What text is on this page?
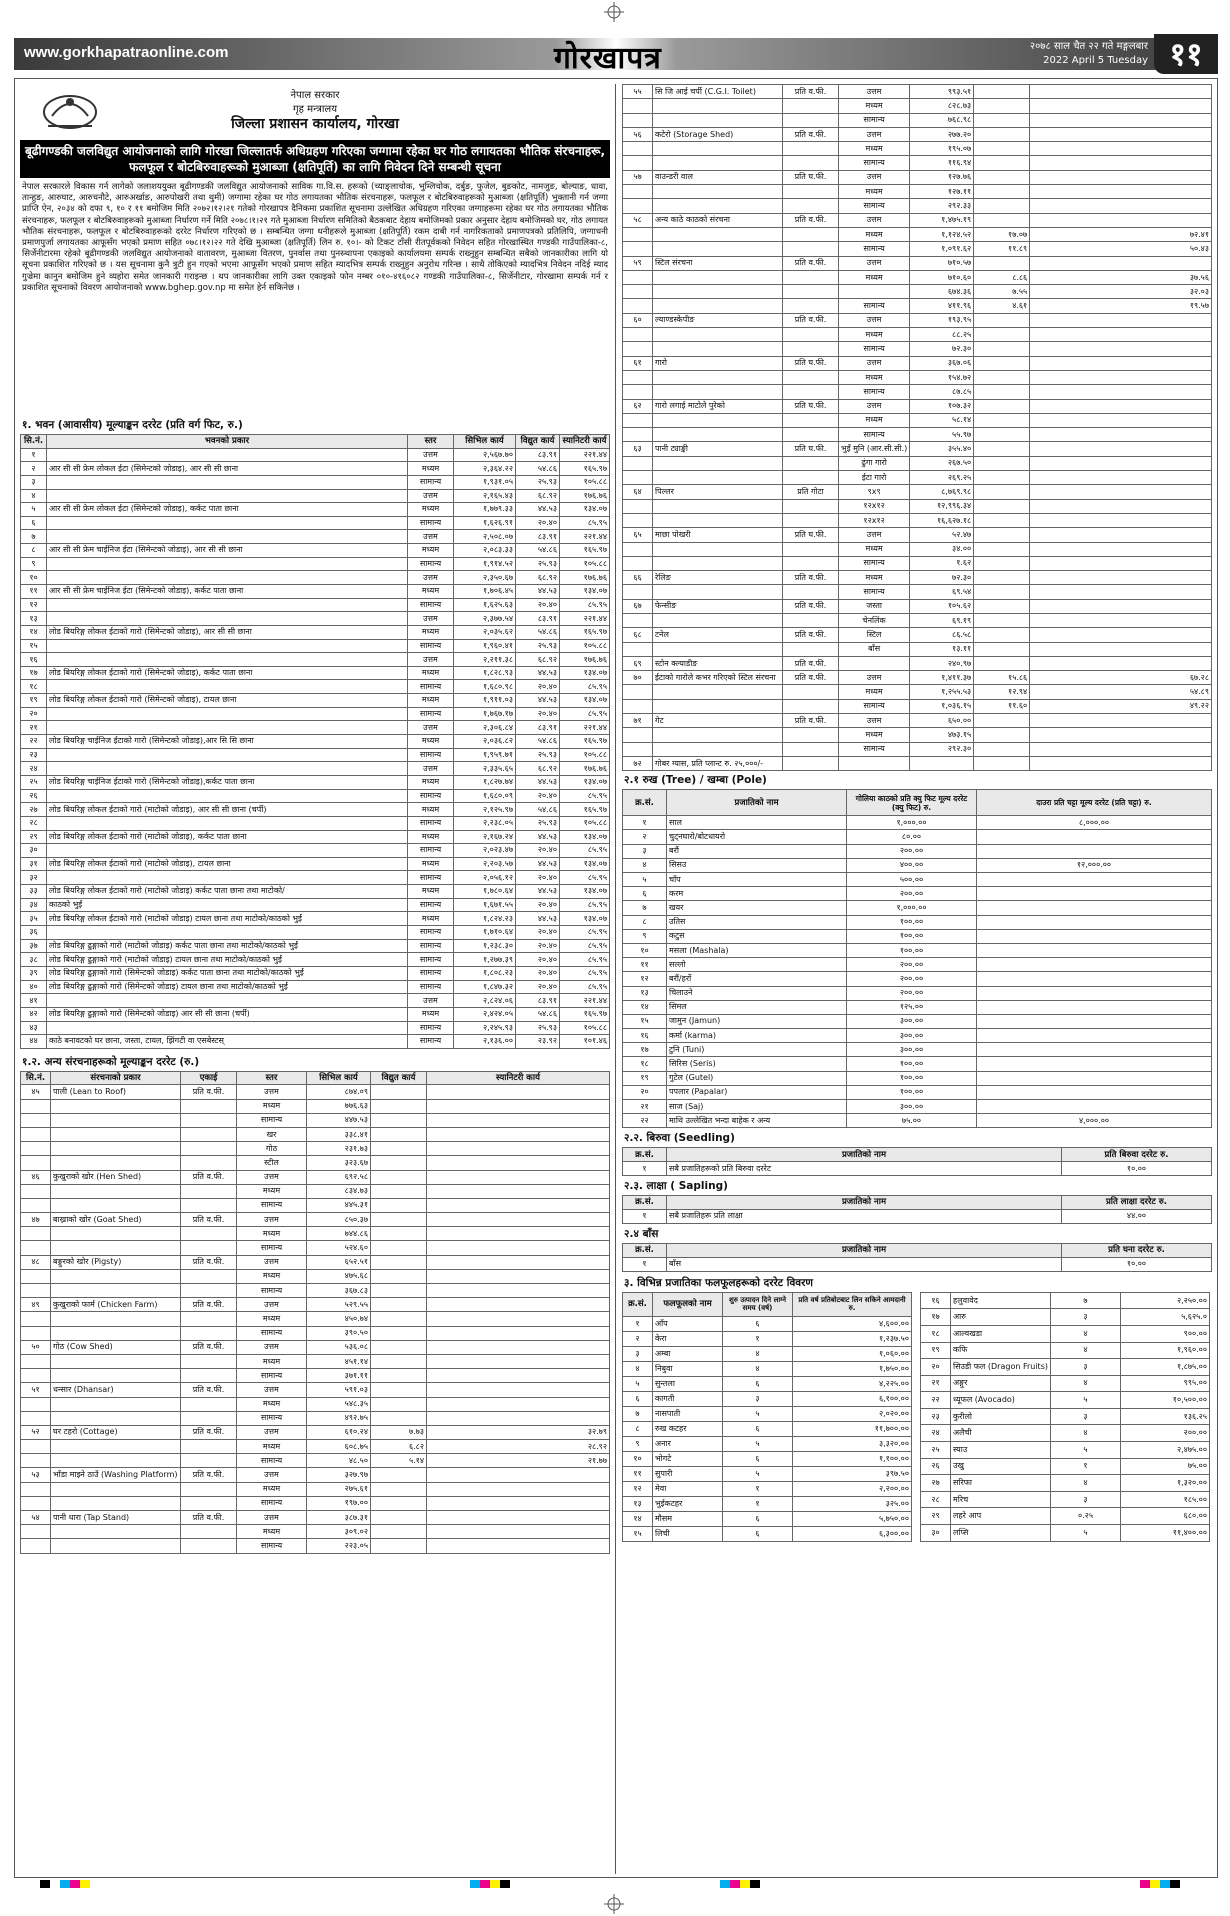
www.gorkhapatraonline.com	गोरखापत्र	२०७८ साल चैत २२ गते मङ्गलबार
2022 April 5 Tuesday ११
नेपाल सरकार
गृह मन्त्रालय
जिल्ला प्रशासन कार्यालय, गोरखा
बूढीगण्डकी जलविद्युत आयोजनाको लागि गोरखा जिल्लातर्फ अधिग्रहण गरिएका जग्गामा रहेका घर गोठ लगायतका भौतिक संरचनाहरू, फलफूल र बोटबिरुवाहरूको मुआब्जा (क्षतिपूर्ति) का लागि निवेदन दिने सम्बन्धी सूचना
नेपाल सरकारले विकास गर्न लागेको जलाशययुक्त बूढीगण्डकी जलविद्युत आयोजनाको साविक गा.वि.स. हरूको (च्याङ्लाचोक, भुम्लिचोक, दर्बुङ, फुजेल, बुङकोट, नामजुङ, बोल्याङ, धावा, तान्हुङ, आरुघाट, आरुचनौटे, आरुअर्खाङ, आरुपोखरी तथा थुमी) जग्गामा रहेका घर गोठ लगायतका भौतिक संरचनाहरू, फलफूल र बोटबिरुवाहरूको मुआब्जा (क्षतिपूर्ति) भुक्तानी गर्न जग्गा प्राप्ति ऐन, २०३४ को दफा ९, १० र ११ बमोजिम मिति २०७२।१२।२१ गतेको गोरखापत्र दैनिकमा प्रकाशित सूचनामा उल्लेखित अधिग्रहण गरिएका जग्गाहरूमा रहेका घर गोठ लगायतका भौतिक संरचनाहरू, फलफूल र बोटबिरुवाहरूको मुआब्जा निर्धारण गर्ने मिति २०७८।१।२१ गते मुआब्जा निर्धारण समितिको बैठकबाट देहाय बमोजिमको प्रकार अनुसार देहाय बमोजिमको घर, गोठ लगायत भौतिक संरचनाहरू, फलफूल र बोटबिरुवाहरूको दररेट निर्धारण गरिएको छ । सम्बन्धित जग्गा धनीहरूले मुआब्जा (क्षतिपूर्ति) रकम दाबी गर्न नागरिकताको प्रमाणपत्रको प्रतिलिपि, जग्गाधनी प्रमाणपुर्जा लगायतका आफूसँग भएको प्रमाण सहित ०७८।१२।२२ गते देखि मुआब्जा (क्षतिपूर्ति) लिन रु. १०।- को टिकट टाँसी रीतपूर्वकको निवेदन सहित गोरखास्थित गण्डकी गाउँपालिका-८, सिर्जेनीटारमा रहेको बूढीगण्डकी जलविद्युत आयोजनाको वातावरण, मुआब्जा वितरण, पुनर्वास तथा पुनस्र्थापना एकाइको कार्यालयमा सम्पर्क राख्नुहुन सम्बन्धित सबैको जानकारीका लागि यो सूचना प्रकाशित गरिएको छ । यस सूचनामा कुनै त्रुटी हुन गएको भएमा आफूसँग भएको प्रमाण सहित म्यादभित्र सम्पर्क राख्नुहुन अनुरोध गरिन्छ । साथै तोकिएको म्यादभित्र निवेदन नदिई म्याद गुज्रेमा कानुन बमोजिम हुने व्यहोरा समेत जानकारी गराइन्छ । थप जानकारीका लागि उक्त एकाइको फोन नम्बर ०१०-४१६०८२ गण्डकी गाउँपालिका-८, सिर्जेनीटार, गोरखामा सम्पर्क गर्न र प्रकाशित सूचनाको विवरण आयोजनाको www.bghep.gov.np मा समेत हेर्न सकिनेछ ।
१. भवन (आवासीय) मूल्याङ्कन दररेट (प्रति वर्ग फिट, रु.)
सि.नं.	भवनको प्रकार	स्तर	सिभिल कार्य	विद्युत कार्य	स्यानिटरी कार्य
१		उत्तम	२,५६७.७०	८३.९१	२२१.४४
२	आर सी सी फ्रेम लोकल ईटा (सिमेन्टको जोडाइ), आर सी सी छाना	मध्यम	२,३६४.२२	५४.८६	१६५.९७
३		सामान्य	१,९३१.०५	२५.९३	१०५.८८
४		उत्तम	२,१६५.४३	६८.९२	१७६.७६
५	आर सी सी फ्रेम लोकल ईटा (सिमेन्टको जोडाइ), कर्कट पाता छाना	मध्यम	१,७७९.३३	४४.५३	१३४.०७
६		सामान्य	१,६२६.९१	२०.४०	८५.९५
७		उत्तम	२,५०८.०७	८३.९१	२२१.४४
८	आर सी सी फ्रेम चाईनिज ईटा (सिमेन्टको जोडाइ), आर सी सी छाना	मध्यम	२,०८३.३३	५४.८६	१६५.९७
९		सामान्य	१,९१४.५२	२५.९३	१०५.८८
१०		उत्तम	२,३५०.६७	६८.९२	१७६.७६
११	आर सी सी फ्रेम चाईनिज ईटा (सिमेन्टको जोडाइ), कर्कट पाता छाना	मध्यम	१,७०६.४५	४४.५३	१३४.०७
१२		सामान्य	१,६२५.६३	२०.४०	८५.९५
१३		उत्तम	२,३७७.५४	८३.९१	२२१.४४
१४	लोड बियरिङ्ग लोकल ईटाको गारो (सिमेन्टको जोडाइ), आर सी सी छाना	मध्यम	२,०३५.६२	५४.८६	१६५.९७
१५		सामान्य	१,९६०.४१	२५.९३	१०५.८८
१६		उत्तम	२,२११.३८	६८.९२	१७६.७६
१७	लोड बियरिङ्ग लोकल ईटाको गारो (सिमेन्टको जोडाइ), कर्कट पाता छाना	मध्यम	१,८२८.९३	४४.५३	१३४.०७
१८		सामान्य	१,६८०.९८	२०.४०	८५.९५
१९	लोड बियरिङ्ग लोकल ईटाको गारो (सिमेन्टको जोडाइ), टायल छाना	मध्यम	१,९११.०३	४४.५३	१३४.०७
२०		सामान्य	१,७६७.१७	२०.४०	८५.९५
२१		उत्तम	२,३०६.८४	८३.९१	२२१.४४
२२	लोड बियरिङ्ग चाईनिज ईटाको गारो (सिमेन्टको जोडाइ),आर सि सि छाना	मध्यम	२,०३६.८२	५४.८६	१६५.९७
२३		सामान्य	१,९५९.७१	२५.९३	१०५.८८
२४		उत्तम	२,३३५.६५	६८.९२	१७६.७६
२५	लोड बियरिङ्ग चाईनिज ईटाको गारो (सिमेन्टको जोडाइ),कर्कट पाता छाना	मध्यम	१,८२७.७४	४४.५३	१३४.०७
२६		सामान्य	१,६८०.०९	२०.४०	८५.९५
२७	लोड बियरिङ्ग लोकल ईटाको गारो (माटोको जोडाइ), आर सी सी छाना (चर्पी)	मध्यम	२,१२५.९७	५४.८६	१६५.९७
२८		सामान्य	२,२३८.०५	२५.९३	१०५.८८
२९	लोड बियरिङ्ग लोकल ईटाको गारो (माटोको जोडाइ), कर्कट पाता छाना	मध्यम	२,१६७.२४	४४.५३	१३४.०७
३०		सामान्य	२,०२३.४७	२०.४०	८५.९५
३१	लोड बियरिङ्ग लोकल ईटाको गारो (माटोको जोडाइ), टायल छाना	मध्यम	२,२०३.५७	४४.५३	१३४.०७
३२		सामान्य	२,०५६.१२	२०.४०	८५.९५
३३	लोड बियरिङ्ग लोकल ईटाको गारो (माटोको जोडाइ) कर्कट पाता छाना तथा माटोको/	मध्यम	१,७८०.६४	४४.५३	१३४.०७
३४	काठको भुईं	सामान्य	१,६७१.५५	२०.४०	८५.९५
३५	लोड बियरिङ्ग लोकल ईटाको गारो (माटोको जोडाइ) टायल छाना तथा माटोको/काठको भुईं	मध्यम	१,८२४.२३	४४.५३	१३४.०७
३६		सामान्य	१,७१०.६४	२०.४०	८५.९५
३७	लोड बियरिङ्ग ढुङ्गाको गारो (माटोको जोडाइ) कर्कट पाता छाना तथा माटोको/काठको भुईं	सामान्य	१,२३८.३०	२०.४०	८५.९५
३८	लोड बियरिङ्ग ढुङ्गाको गारो (माटोको जोडाइ) टायल छाना तथा माटोको/काठको भुईं	सामान्य	१,२७७.३९	२०.४०	८५.९५
३९	लोड बियरिङ्ग ढुङ्गाको गारो (सिमेन्टको जोडाइ) कर्कट पाता छाना तथा माटोको/काठको भुईं	सामान्य	१,८०८.२३	२०.४०	८५.९५
४०	लोड बियरिङ्ग ढुङ्गाको गारो (सिमेन्टको जोडाइ) टायल छाना तथा माटोको/काठको भुईं	सामान्य	१,८४७.३२	२०.४०	८५.९५
४१		उत्तम	२,८२४.०६	८३.९१	२२१.४४
४२	लोड बियरिङ्ग ढुङ्गाको गारो (सिमेन्टको जोडाइ) आर सी सी छाना (चर्पी)	मध्यम	२,४२४.०५	५४.८६	१६५.९७
४३		सामान्य	२,२४५.९३	२५.९३	१०५.८८
४४	काठे बनावटको घर छाना, जस्ता, टायल, झिंगटी वा एसबेस्टस्	सामान्य	२,१३६.००	२३.९२	१०१.४६
१.२. अन्य संरचनाहरूको मूल्याङ्कन दररेट (रु.)
सि.नं.	संरचनाको प्रकार	एकाई	स्तर	सिभिल कार्य	विद्युत कार्य	स्यानिटरी कार्य
४५	पाली (Lean to Roof)	प्रति व.फी.	उत्तम	८७४.०९		
			मध्यम	७७६.६३		
			सामान्य	४४७.५३		
			खर	३३८.४१		
			गोठ	२३१.७३		
			स्टील	३२३.६७		
४६	कुखुराको खोर (Hen Shed)	प्रति व.फी.	उत्तम	६९२.५८		
			मध्यम	८३४.७३		
			सामान्य	४४५.३१		
४७	बाख्राको खोर (Goat Shed)	प्रति व.फी.	उत्तम	८५०.३७		
			मध्यम	७४४.८६		
			सामान्य	५२४.६०		
४८	बङ्गुरको खोर (Pigsty)	प्रति व.फी.	उत्तम	६५२.५१		
			मध्यम	४७५.६८		
			सामान्य	३६७.८३		
४९	कुखुराको फार्म (Chicken Farm)	प्रति व.फी.	उत्तम	५२९.५५		
			मध्यम	४५०.७४		
			सामान्य	३९०.५०		
५०	गोठ (Cow Shed)	प्रति व.फी.	उत्तम	५३६.०८		
			मध्यम	४५१.१४		
			सामान्य	३७१.११		
५१	धन्सार (Dhansar)	प्रति व.फी.	उत्तम	५९१.०३		
			मध्यम	५४८.३५		
			सामान्य	४९२.७५		
५२	घर टहरो (Cottage)	प्रति व.फी.	उत्तम	६१०.२४	७.७३	३२.७९
			मध्यम	६०८.७५	६.८२	२८.९२
			सामान्य	४८.५०	५.१४	२१.७७
५३	भाँडा माझ्ने ठाउँ (Washing Platform)	प्रति व.फी.	उत्तम	३२७.९७		
			मध्यम	२७५.६१		
			सामान्य	१९७.००		
५४	पानी धारा (Tap Stand)	प्रति व.फी.	उत्तम	३८७.३१		
			मध्यम	३०९.०२		
			सामान्य	२२३.०५		
५५	सि जि आई चर्पी (C.G.I. Toilet)	प्रति व.फी.	उत्तम	९९३.५१		
			मध्यम	८२८.७३		
			सामान्य	७६८.९८		
५६	कटेरो (Storage Shed)	प्रति व.फी.	उत्तम	२७७.२०		
			मध्यम	१९५.०७		
			सामान्य	११६.९४		
५७	वाउन्डरी वाल	प्रति घ.फी.	उत्तम	१२७.७६		
			मध्यम	१२७.११		
			सामान्य	२९२.३३		
५८	अन्य काठे काठको संरचना	प्रति व.फी.	उत्तम	१,४७५.१९		
			मध्यम	१,१२४.५२	१७.०७	७२.४१
			सामान्य	१,०९१.६२	११.८९	५०.४३
५९	स्टिल संरचना	प्रति व.फी.	उत्तम	७१०.५७		
			मध्यम	७१०.६०	८.८६	३७.५६
				६७४.३६	७.५५	३२.०३
			सामान्य	४११.९६	४.६१	१९.५७
६०	ल्याण्डस्केपीङ	प्रति व.फी.	उत्तम	१९३.९५		
			मध्यम	८८.२५		
			सामान्य	७२.३०		
६१	गारो	प्रति घ.फी.	उत्तम	३६७.०६		
			मध्यम	१५४.७२		
			सामान्य	८७.८५		
६२	गारो लगाई माटोले पुरेको	प्रति घ.फी.	उत्तम	१०७.३२		
			मध्यम	५८.१४		
			सामान्य	५५.९७		
६३	पानी ट्याङ्की	प्रति घ.फी.	भुइँ मुनि (आर.सी.सी.)	३५५.४०		
			ढुंगा गारो	२६७.५०		
			ईटा गारो	२६९.२५		
६४	पिल्लर	प्रति गोटा	९x९	८,७६९.९८		
			१२x१२	१२,९९६.३४		
			१२x१२	१६,६२७.१८		
६५	माछा पोखरी	प्रति घ.फी.	उत्तम	५२.४७		
			मध्यम	३४.००		
			सामान्य	१.६२		
६६	रेलिङ	प्रति व.फी.	मध्यम	७२.३०		
			सामान्य	६९.५४		
६७	फेन्सीङ	प्रति व.फी.	जस्ता	१०५.६२		
			चेनलिंक	६९.१९		
६८	टनेल	प्रति व.फी.	स्टिल	८६.५८		
			बाँस	१३.११		
६९	स्टोन क्ल्याडीङ	प्रति व.फी.		२४०.९७		
७०	ईटाको गारोले कभर गरिएको स्टिल संरचना	प्रति व.फी.	उत्तम	१,४११.३७	१५.८६	६७.२८
			मध्यम	१,२५५.५३	१२.९४	५४.८९
			सामान्य	१,०३६.१५	११.६०	४९.२२
७१	गेट	प्रति व.फी.	उत्तम	६५०.००		
			मध्यम	४७३.१५		
			सामान्य	२९२.३०		
७२	गोबर ग्यास, प्रति प्लान्ट रु. २५,०००/-					
२.१ रुख (Tree) / खम्बा (Pole)
क्र.सं.	प्रजातिको नाम	गोलिया काठको प्रति क्यु फिट मूल्य दररेट (क्यु फिट) रु.	दाउरा प्रति चट्टा मूल्य दररेट (प्रति चट्टा) रु.
१	साल	१,०००.००	८,०००.००
२	चुट्नघारो/बोटधायरो	८०.००	
३	बरौं	२००.००	
४	सिसउ	४००.००	१२,०००.००
५	चाँप	५००.००	
६	करम	२००.००	
७	खयर	१,०००.००	
८	उतिस	१००.००	
९	कटुस	१००.००	
१०	मसला (Mashala)	१००.००	
११	सल्लो	२००.००	
१२	बरौं/हर्रो	२००.००	
१३	चिलाउने	२००.००	
१४	सिमल	१२५.००	
१५	जामुन (Jamun)	३००.००	
१६	कर्मा (karma)	३००.००	
१७	टुनि (Tuni)	३००.००	
१८	सिरिस (Seris)	१००.००	
१९	गुटेल (Gutel)	१००.००	
२०	पपलार (Papalar)	१००.००	
२१	साज (Saj)	३००.००	
२२	माथि उल्लेखित भन्दा बाहेक र अन्य	७५.००	४,०००.००
२.२. बिरुवा (Seedling)
क्र.सं.	प्रजातिको नाम	प्रति बिरुवा दररेट रु.
१	सबै प्रजातिहरूको प्रति बिरुवा दररेट	१०.००
२.३. लाक्षा ( Sapling)
क्र.सं.	प्रजातिको नाम	प्रति लाक्षा दररेट रु.
१	सबै प्रजातिहरू प्रति लाक्षा	४४.००
२.४ बाँस
क्र.सं.	प्रजातिको नाम	प्रति घना दररेट रु.
१	बाँस	१०.००
३. विभिन्न प्रजातिका फलफूलहरूको दररेट विवरण
क्र.सं.	फलफूलको नाम	शुरु उत्पादन दिने लाग्ने समय (वर्ष)	प्रति वर्ष प्रतिबोटबाट लिन सकिने आमदानी रु.
१	आँप	६	४,६००.००
२	केरा	१	१,२३७.५०
३	अम्बा	४	१,०६०.००
४	निबुवा	४	१,७५०.००
५	सुन्तला	६	४,२२५.००
६	कागती	३	६,१००.००
७	नासपाती	५	२,०२०.००
८	रुख कटहर	६	११,७००.००
९	अनार	५	३,३२०.००
१०	भोगटे	६	१,१००.००
११	सुपारी	५	३९७.५०
१२	मेवा	१	२,२००.००
१३	भुईकटहर	१	३२५.००
१४	मौसम	६	५,७५०.००
१५	लिची	६	६,३००.००
१६	हलुवावेद	७	२,२५०.००
१७	आरु	३	५,६२५.०
१८	आल्वखडा	४	९००.००
१९	कफि	४	१,९६०.००
२०	सिउडी फल (Dragon Fruits)	३	१,८७५.००
२१	अङ्गुर	४	९९५.००
२२	ध्यूफल (Avocado)	५	१०,५००.००
२३	कुरीलो	३	१३६.२५
२४	अलैची	४	२००.००
२५	स्याउ	५	२,४७५.००
२६	उखु	१	७५.००
२७	सरिफा	४	१,३२०.००
२८	मरिच	३	१८५.००
२९	लहरे आप	०.२५	६८०.००
३०	लप्सि	५	११,४००.००
